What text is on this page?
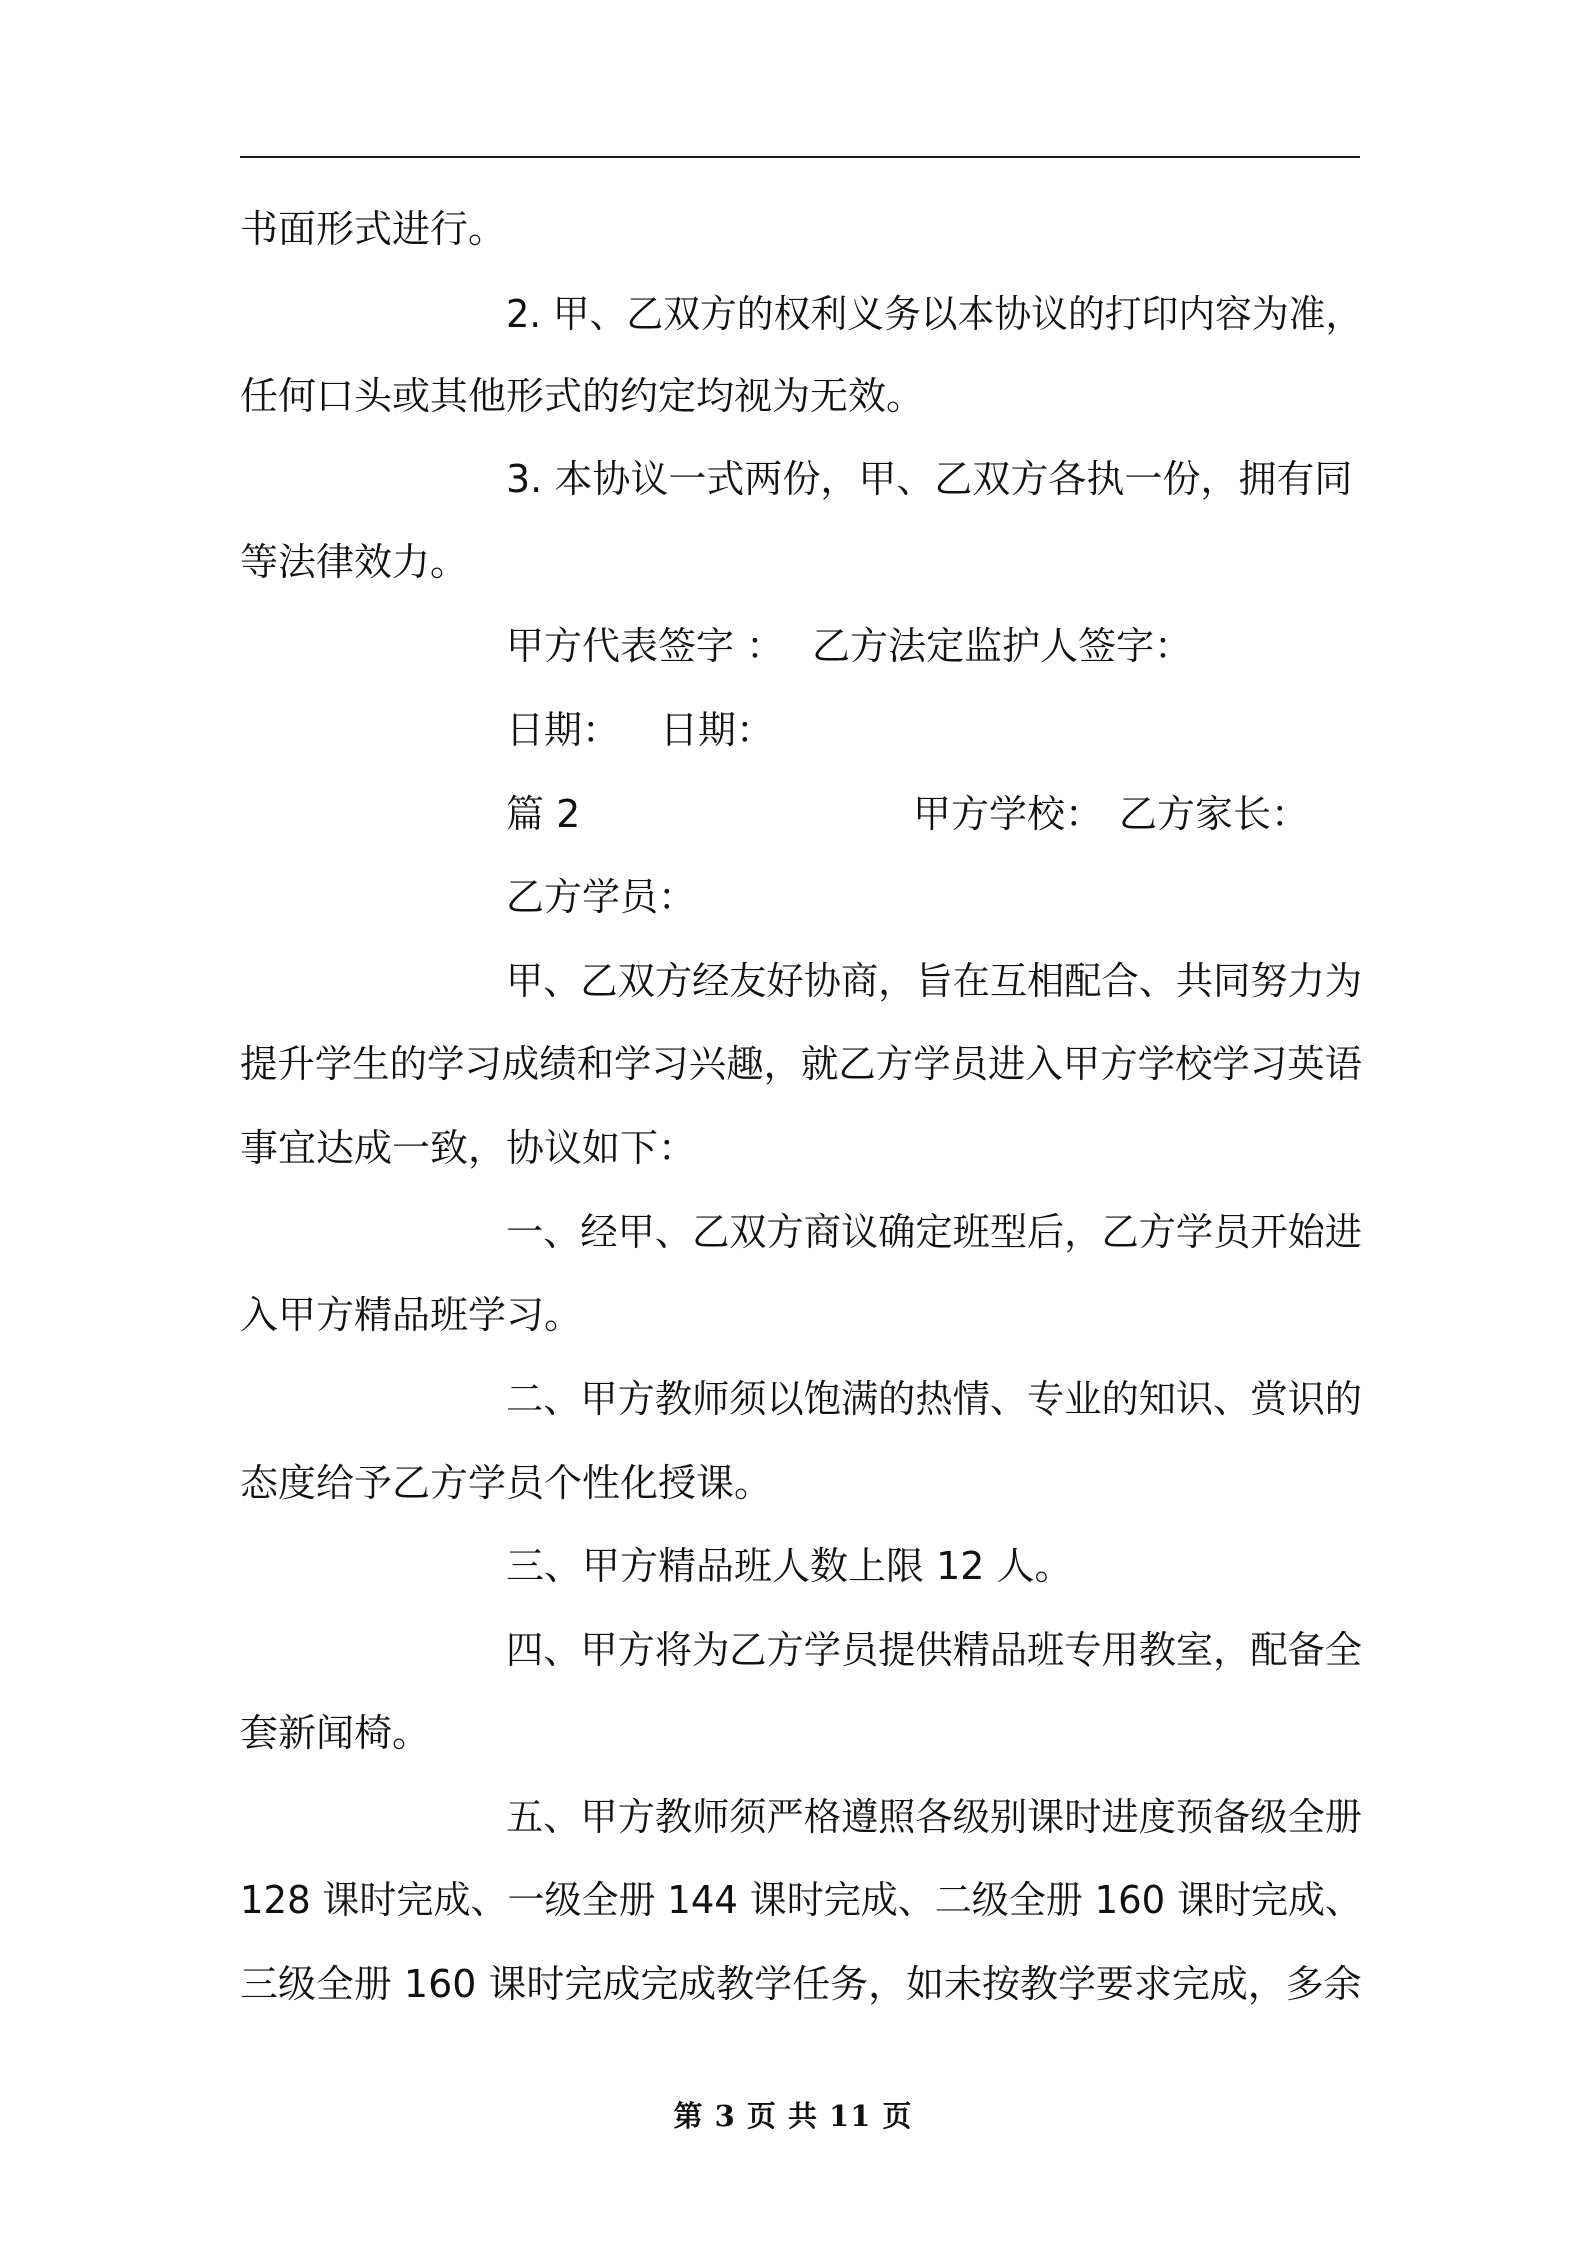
书面形式进行。

2. 甲、乙双方的权利义务以本协议的打印内容为准，

任何口头或其他形式的约定均视为无效。

3. 本协议一式两份，甲、乙双方各执一份，拥有同

等法律效力。

甲方代表签字 ： 乙方法定监护人签字：

日期： 日期：

篇 2	甲方学校： 乙方家长：

乙方学员：

甲、乙双方经友好协商，旨在互相配合、共同努力为

提升学生的学习成绩和学习兴趣，就乙方学员进入甲方学校学习英语

事宜达成一致，协议如下：

一、经甲、乙双方商议确定班型后，乙方学员开始进

入甲方精品班学习。

二、甲方教师须以饱满的热情、专业的知识、赏识的

态度给予乙方学员个性化授课。

三、甲方精品班人数上限 12 人。

四、甲方将为乙方学员提供精品班专用教室，配备全

套新闻椅。

五、甲方教师须严格遵照各级别课时进度预备级全册

128 课时完成、一级全册 144 课时完成、二级全册 160 课时完成、

三级全册 160 课时完成完成教学任务，如未按教学要求完成，多余

第 3 页 共 11 页
